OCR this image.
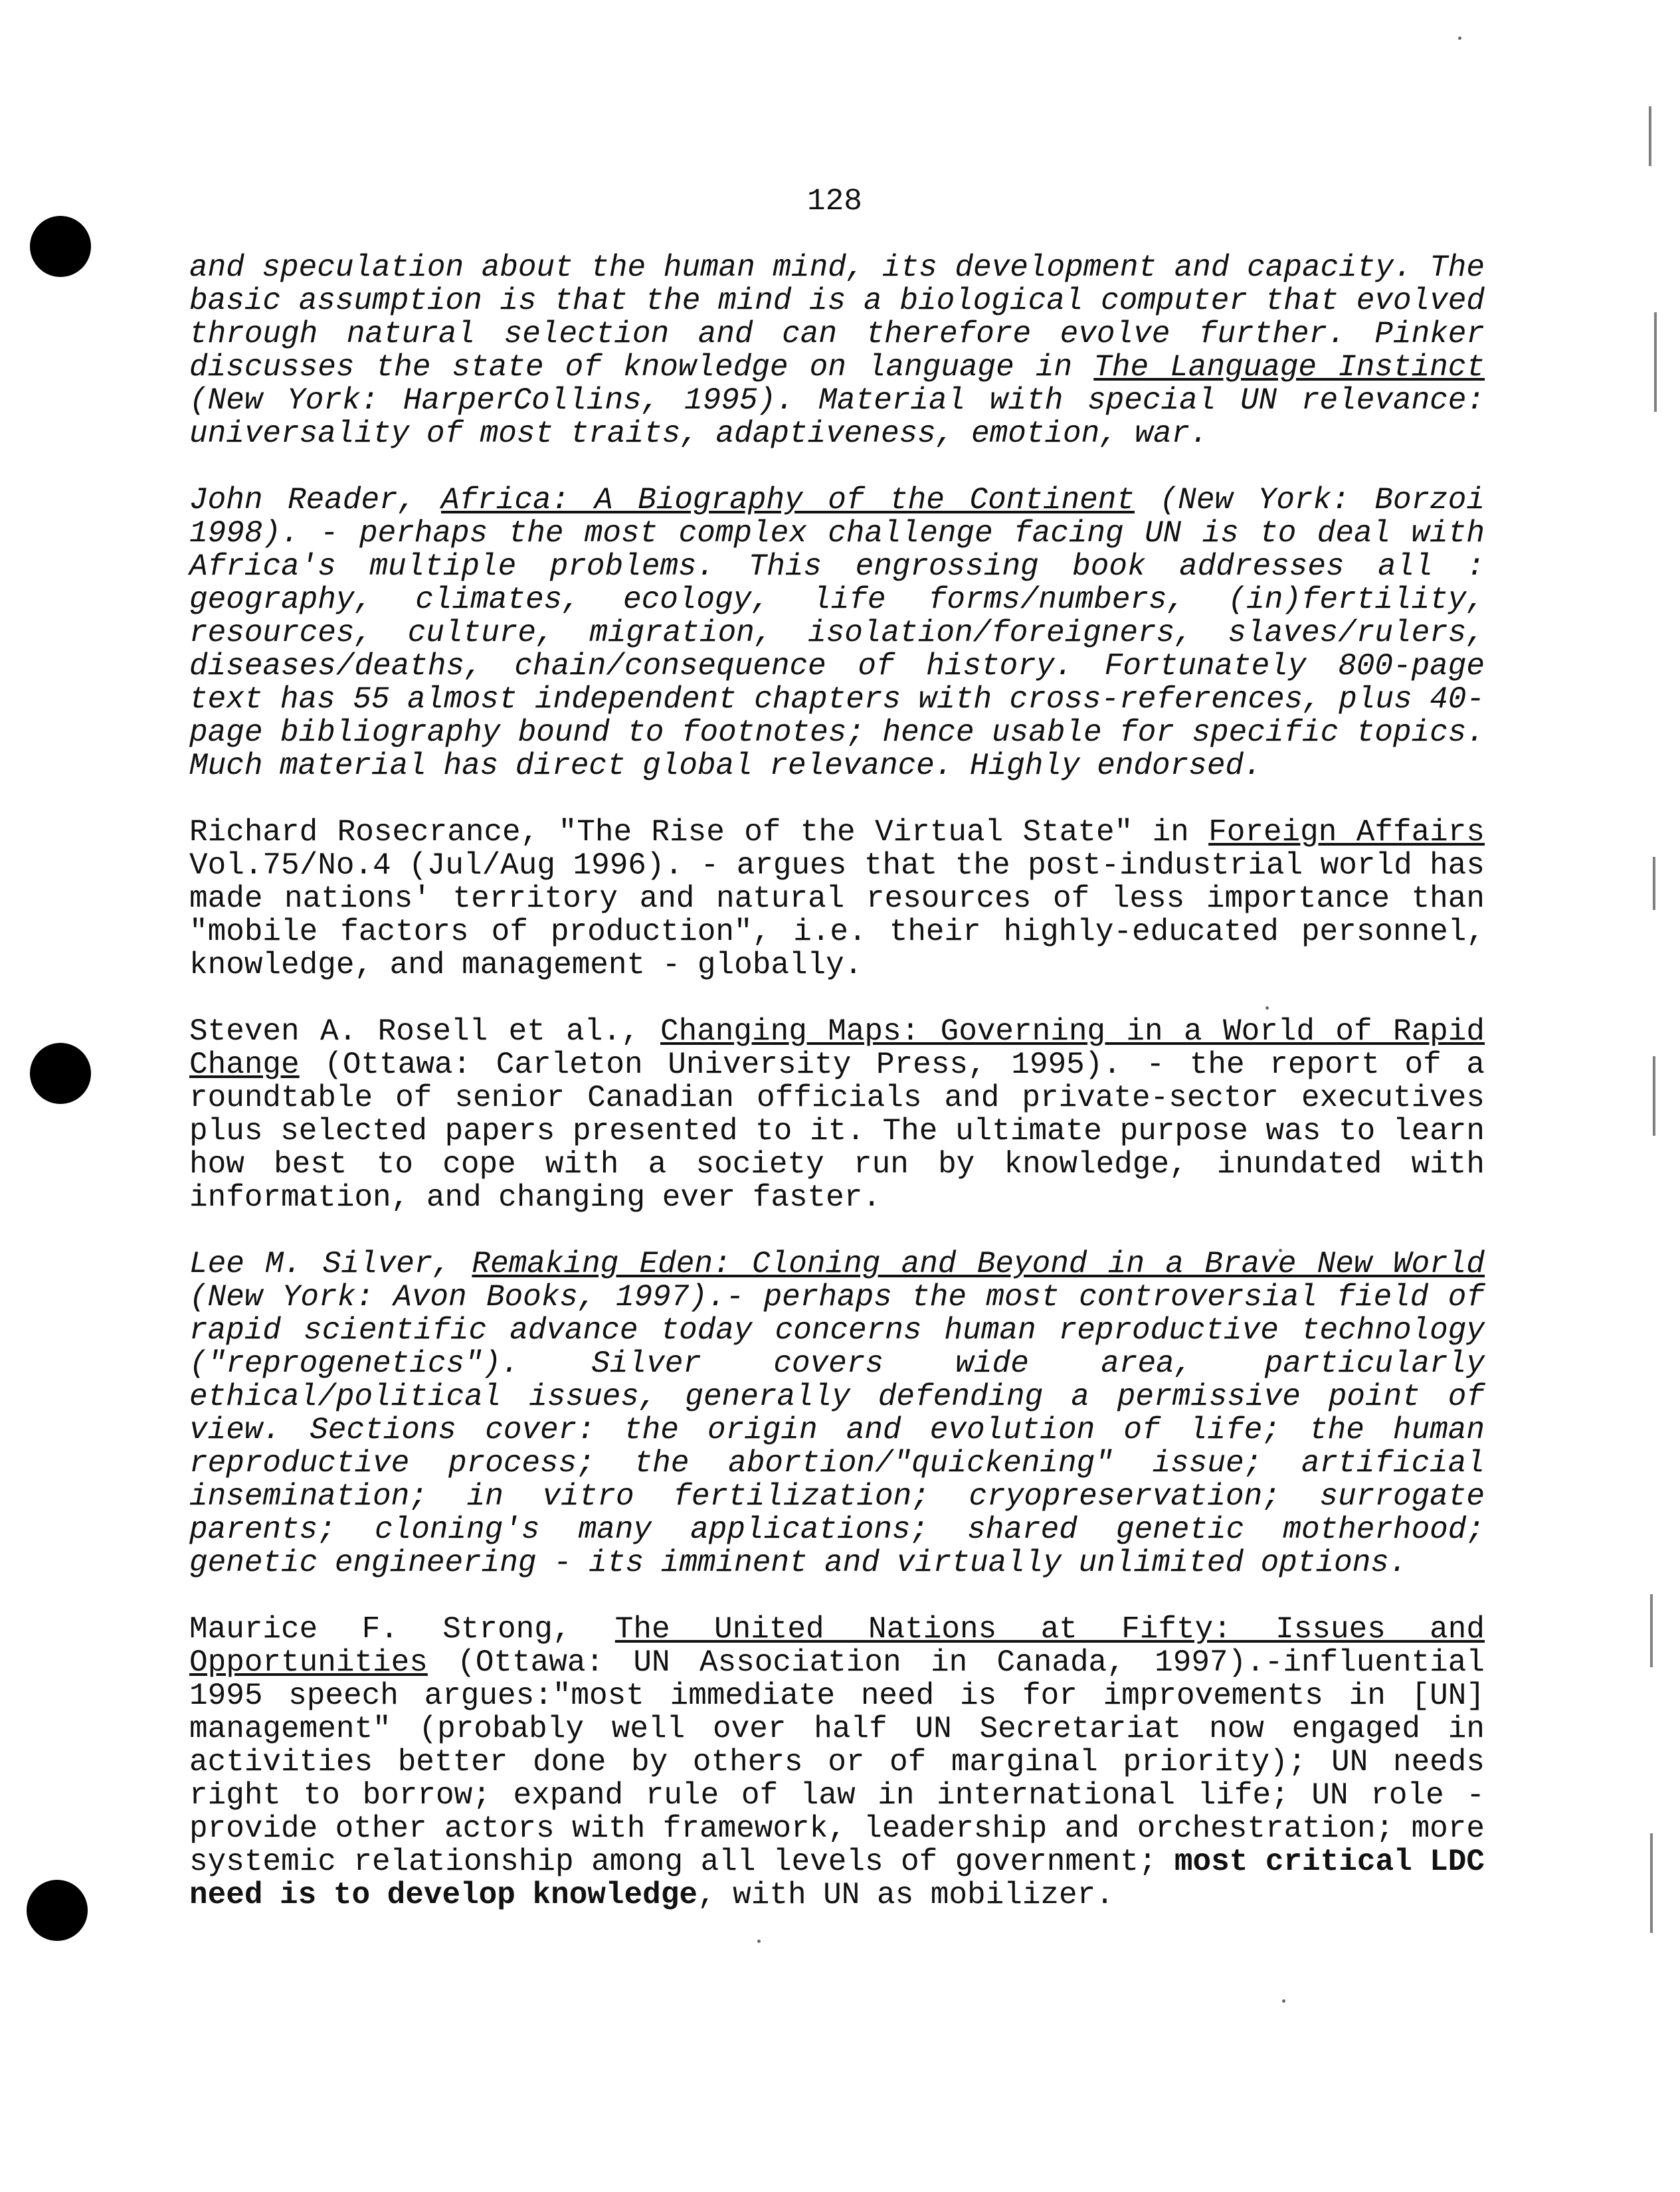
128

and speculation about the human mind, its development and capacity. The basic assumption is that the mind is a biological computer that evolved through natural selection and can therefore evolve further. Pinker discusses the state of knowledge on language in The Language Instinct (New York: HarperCollins, 1995). Material with special UN relevance: universality of most traits, adaptiveness, emotion, war.

John Reader, Africa: A Biography of the Continent (New York: Borzoi 1998). - perhaps the most complex challenge facing UN is to deal with Africa's multiple problems. This engrossing book addresses all : geography, climates, ecology, life forms/numbers, (in)fertility, resources, culture, migration, isolation/foreigners, slaves/rulers, diseases/deaths, chain/consequence of history. Fortunately 800-page text has 55 almost independent chapters with cross-references, plus 40-page bibliography bound to footnotes; hence usable for specific topics. Much material has direct global relevance. Highly endorsed.

Richard Rosecrance, "The Rise of the Virtual State" in Foreign Affairs Vol.75/No.4 (Jul/Aug 1996). - argues that the post-industrial world has made nations' territory and natural resources of less importance than "mobile factors of production", i.e. their highly-educated personnel, knowledge, and management - globally.

Steven A. Rosell et al., Changing Maps: Governing in a World of Rapid Change (Ottawa: Carleton University Press, 1995). - the report of a roundtable of senior Canadian officials and private-sector executives plus selected papers presented to it. The ultimate purpose was to learn how best to cope with a society run by knowledge, inundated with information, and changing ever faster.

Lee M. Silver, Remaking Eden: Cloning and Beyond in a Brave New World (New York: Avon Books, 1997).- perhaps the most controversial field of rapid scientific advance today concerns human reproductive technology ("reprogenetics"). Silver covers wide area, particularly ethical/political issues, generally defending a permissive point of view. Sections cover: the origin and evolution of life; the human reproductive process; the abortion/"quickening" issue; artificial insemination; in vitro fertilization; cryopreservation; surrogate parents; cloning's many applications; shared genetic motherhood; genetic engineering - its imminent and virtually unlimited options.

Maurice F. Strong, The United Nations at Fifty: Issues and Opportunities (Ottawa: UN Association in Canada, 1997).-influential 1995 speech argues:"most immediate need is for improvements in [UN] management" (probably well over half UN Secretariat now engaged in activities better done by others or of marginal priority); UN needs right to borrow; expand rule of law in international life; UN role -provide other actors with framework, leadership and orchestration; more systemic relationship among all levels of government; most critical LDC need is to develop knowledge, with UN as mobilizer.
